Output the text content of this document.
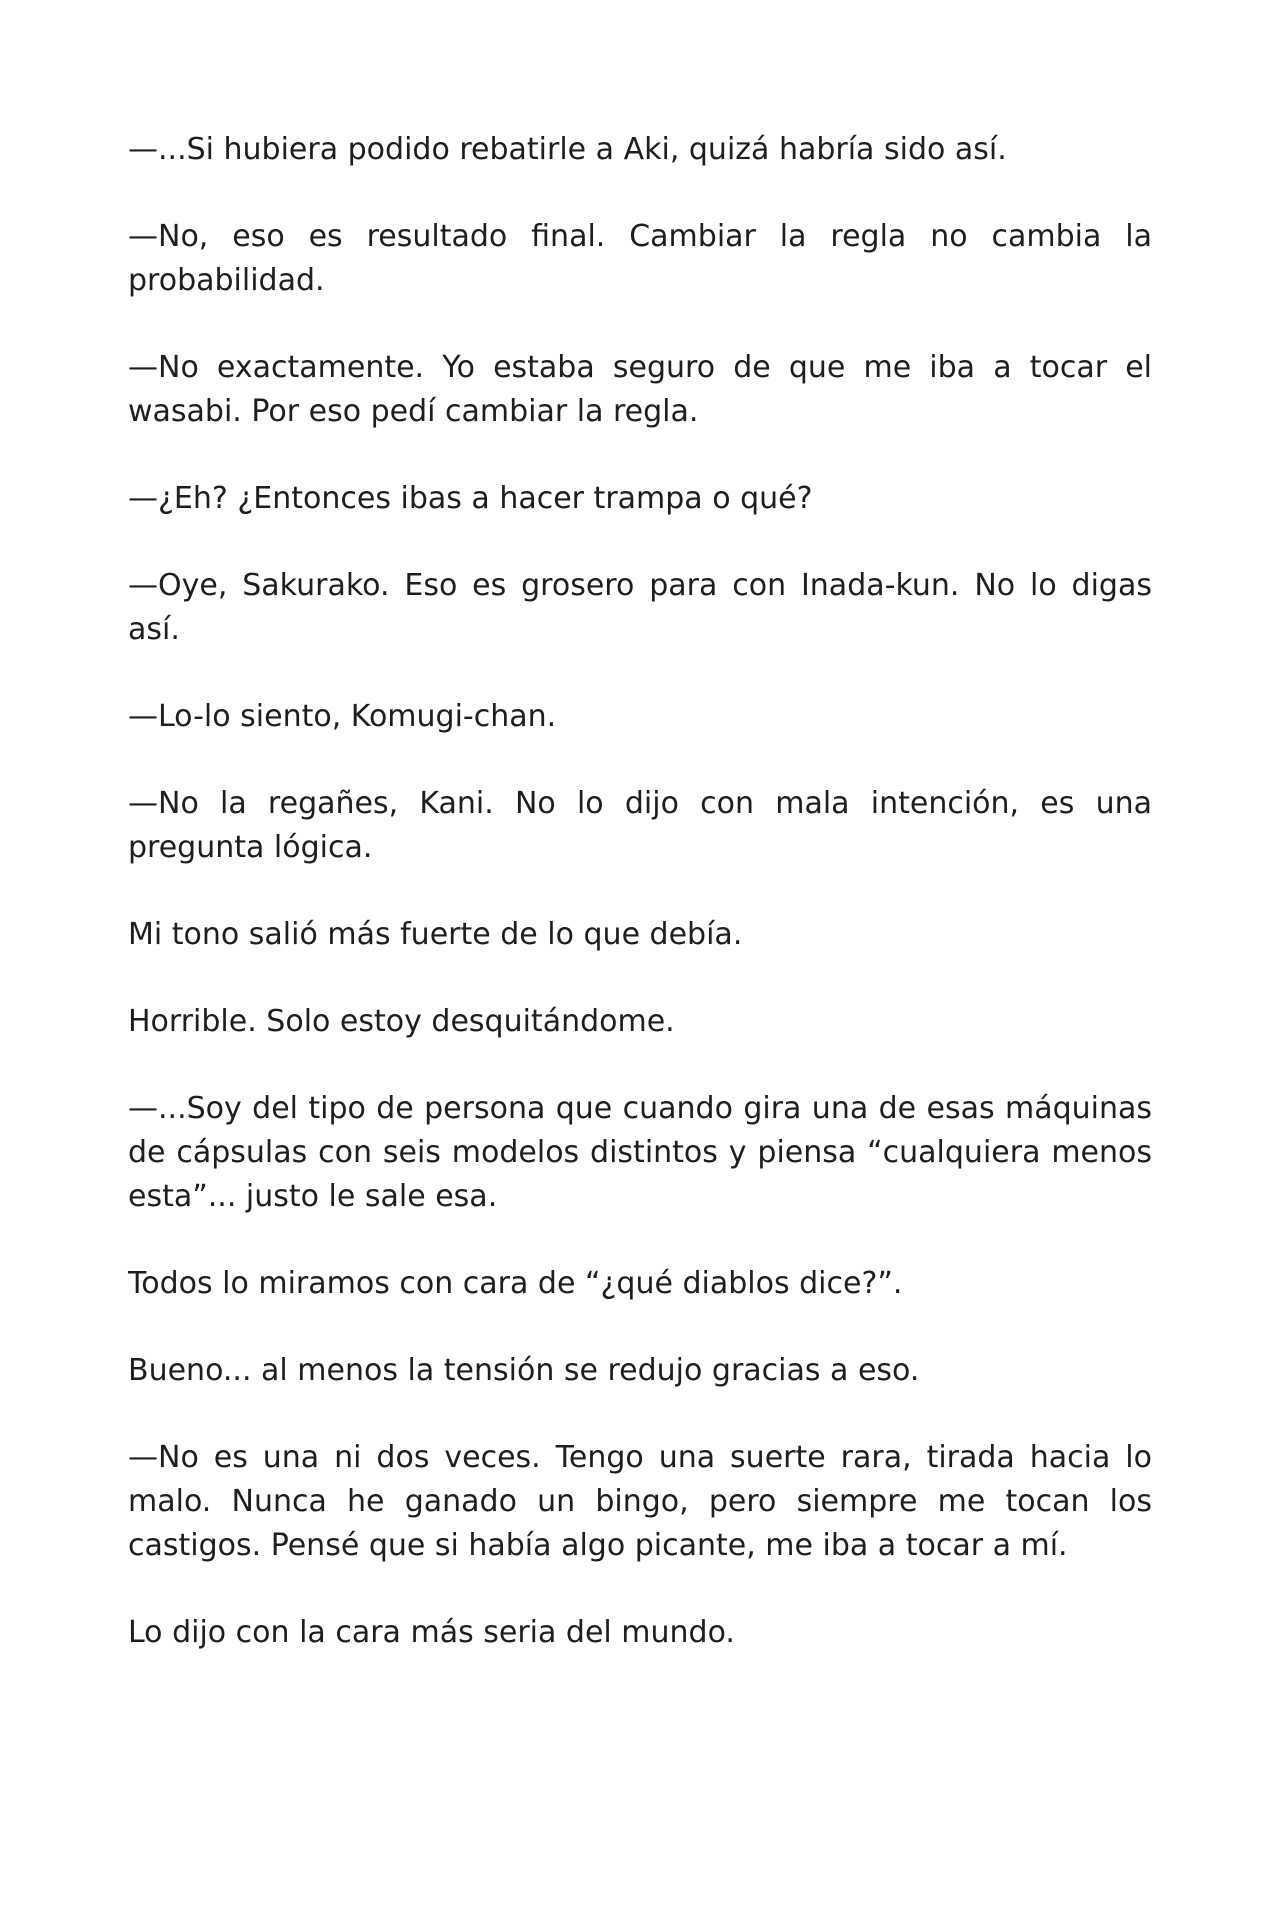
—...Si hubiera podido rebatirle a Aki, quizá habría sido así.

—No, eso es resultado final. Cambiar la regla no cambia la probabilidad.

—No exactamente. Yo estaba seguro de que me iba a tocar el wasabi. Por eso pedí cambiar la regla.

—¿Eh? ¿Entonces ibas a hacer trampa o qué?

—Oye, Sakurako. Eso es grosero para con Inada-kun. No lo digas así.

—Lo-lo siento, Komugi-chan.

—No la regañes, Kani. No lo dijo con mala intención, es una pregunta lógica.

Mi tono salió más fuerte de lo que debía.

Horrible. Solo estoy desquitándome.

—...Soy del tipo de persona que cuando gira una de esas máquinas de cápsulas con seis modelos distintos y piensa “cualquiera menos esta”... justo le sale esa.

Todos lo miramos con cara de “¿qué diablos dice?”.

Bueno... al menos la tensión se redujo gracias a eso.

—No es una ni dos veces. Tengo una suerte rara, tirada hacia lo malo. Nunca he ganado un bingo, pero siempre me tocan los castigos. Pensé que si había algo picante, me iba a tocar a mí.

Lo dijo con la cara más seria del mundo.
